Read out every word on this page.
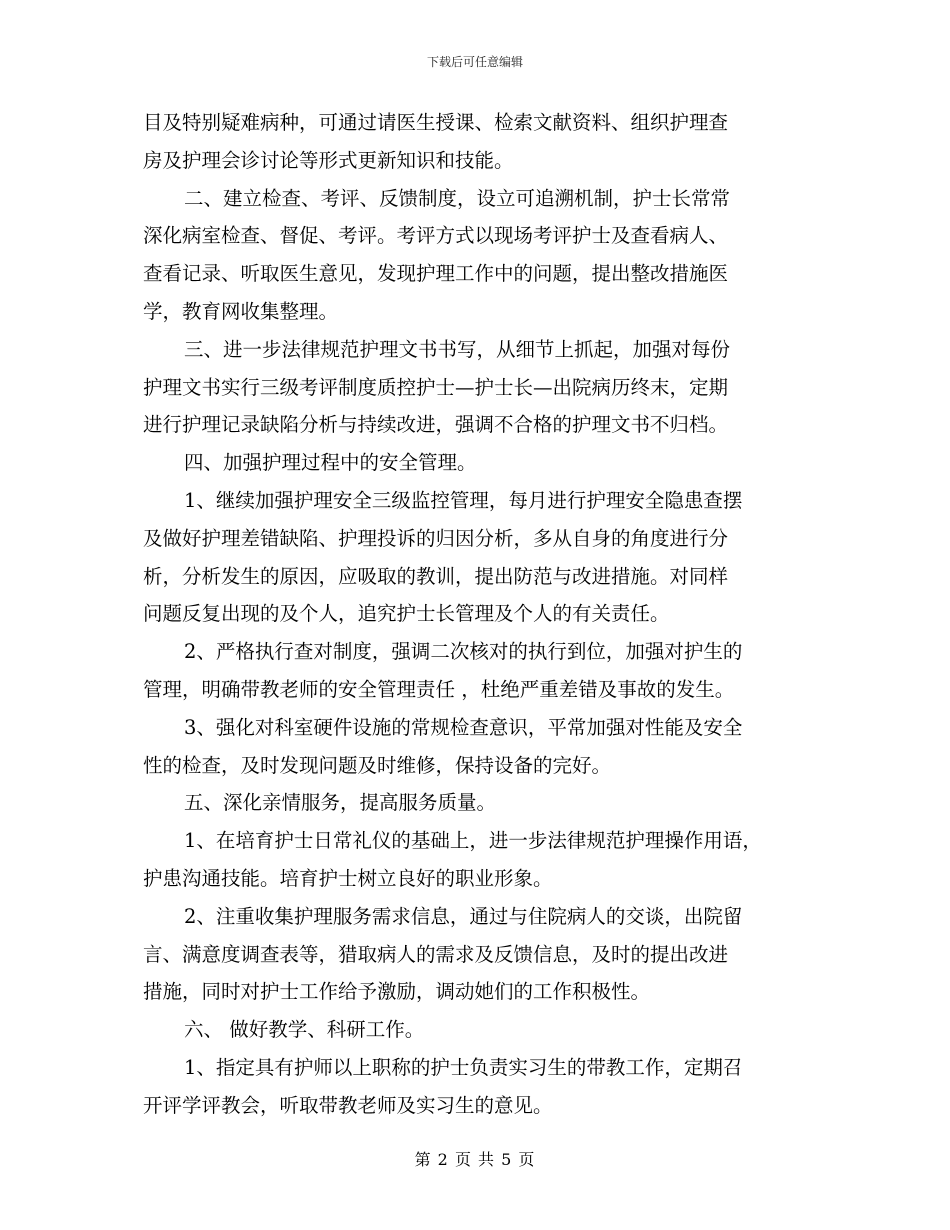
下载后可任意编辑
目及特别疑难病种，可通过请医生授课、检索文献资料、组织护理查
房及护理会诊讨论等形式更新知识和技能。
二、建立检查、考评、反馈制度，设立可追溯机制，护士长常常
深化病室检查、督促、考评。考评方式以现场考评护士及查看病人、
查看记录、听取医生意见，发现护理工作中的问题，提出整改措施医
学，教育网收集整理。
三、进一步法律规范护理文书书写，从细节上抓起，加强对每份
护理文书实行三级考评制度质控护士—护士长—出院病历终末，定期
进行护理记录缺陷分析与持续改进，强调不合格的护理文书不归档。
四、加强护理过程中的安全管理。
1、继续加强护理安全三级监控管理，每月进行护理安全隐患查摆
及做好护理差错缺陷、护理投诉的归因分析，多从自身的角度进行分
析，分析发生的原因，应吸取的教训，提出防范与改进措施。对同样
问题反复出现的及个人，追究护士长管理及个人的有关责任。
2、严格执行查对制度，强调二次核对的执行到位，加强对护生的
管理，明确带教老师的安全管理责任 ，杜绝严重差错及事故的发生。
3、强化对科室硬件设施的常规检查意识，平常加强对性能及安全
性的检查，及时发现问题及时维修，保持设备的完好。
五、深化亲情服务，提高服务质量。
1、在培育护士日常礼仪的基础上，进一步法律规范护理操作用语，
护患沟通技能。培育护士树立良好的职业形象。
2、注重收集护理服务需求信息，通过与住院病人的交谈，出院留
言、满意度调查表等，猎取病人的需求及反馈信息，及时的提出改进
措施，同时对护士工作给予激励，调动她们的工作积极性。
六、 做好教学、科研工作。
1、指定具有护师以上职称的护士负责实习生的带教工作，定期召
开评学评教会，听取带教老师及实习生的意见。
第 2 页 共 5 页
